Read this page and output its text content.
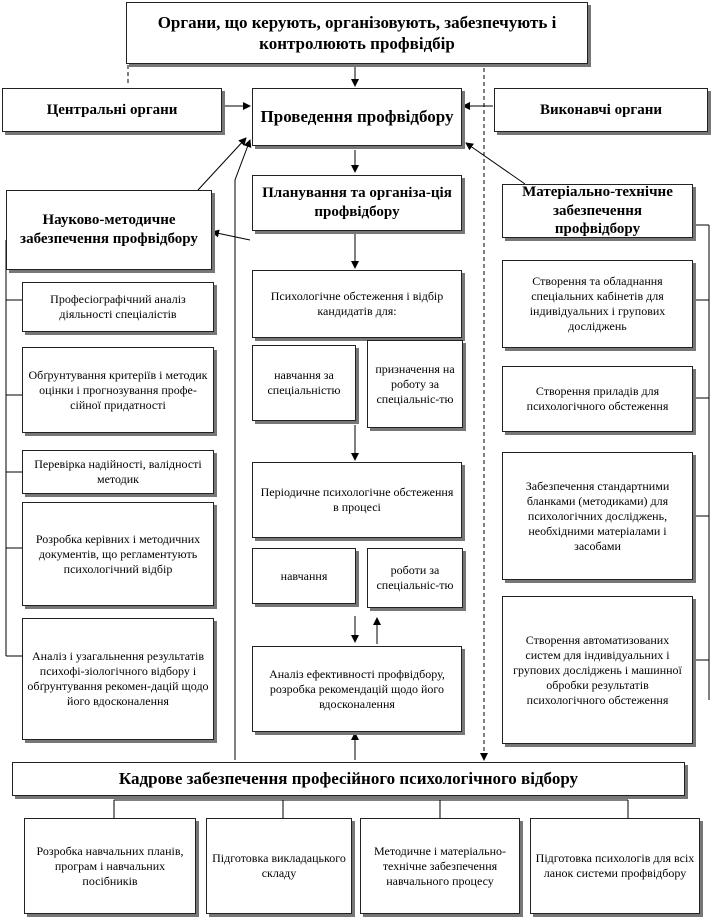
Органи, що керують, організовують, забезпечують і контролюють профвідбір
Центральні органи	Проведення профвідбору	Виконавчі органи
Планування та організа-ція профвідбору
Науково-методичне забезпечення профвідбору
Матеріально-технічне забезпечення профвідбору
Професіографічний аналіз діяльності спеціалістів
Обґрунтування критеріїв і методик оцінки і прогнозування профе-сійної придатності
Перевірка надійності, валідності методик
Розробка керівних і методичних документів, що регламентують психологічний відбір
Аналіз і узагальнення результатів психофі-зіологічного відбору і обґрунтування рекомен-дацій щодо його вдосконалення
Психологічне обстеження і відбір кандидатів для:
навчання за спеціальністю
призначення на роботу за спеціальніс-тю
Періодичне психологічне обстеження в процесі
навчання	роботи за спеціальніс-тю
Аналіз ефективності профвідбору, розробка рекомендацій щодо його вдосконалення
Створення та обладнання спеціальних кабінетів для індивідуальних і групових досліджень
Створення приладів для психологічного обстеження
Забезпечення стандартними бланками (методиками) для психологічних досліджень, необхідними матеріалами і засобами
Створення автоматизованих систем для індивідуальних і групових досліджень і машинної обробки результатів психологічного обстеження
Кадрове забезпечення професійного психологічного відбору
Розробка навчальних планів, програм і навчальних посібників
Підготовка викладацького складу
Методичне і матеріально-технічне забезпечення навчального процесу
Підготовка психологів для всіх ланок системи профвідбору
